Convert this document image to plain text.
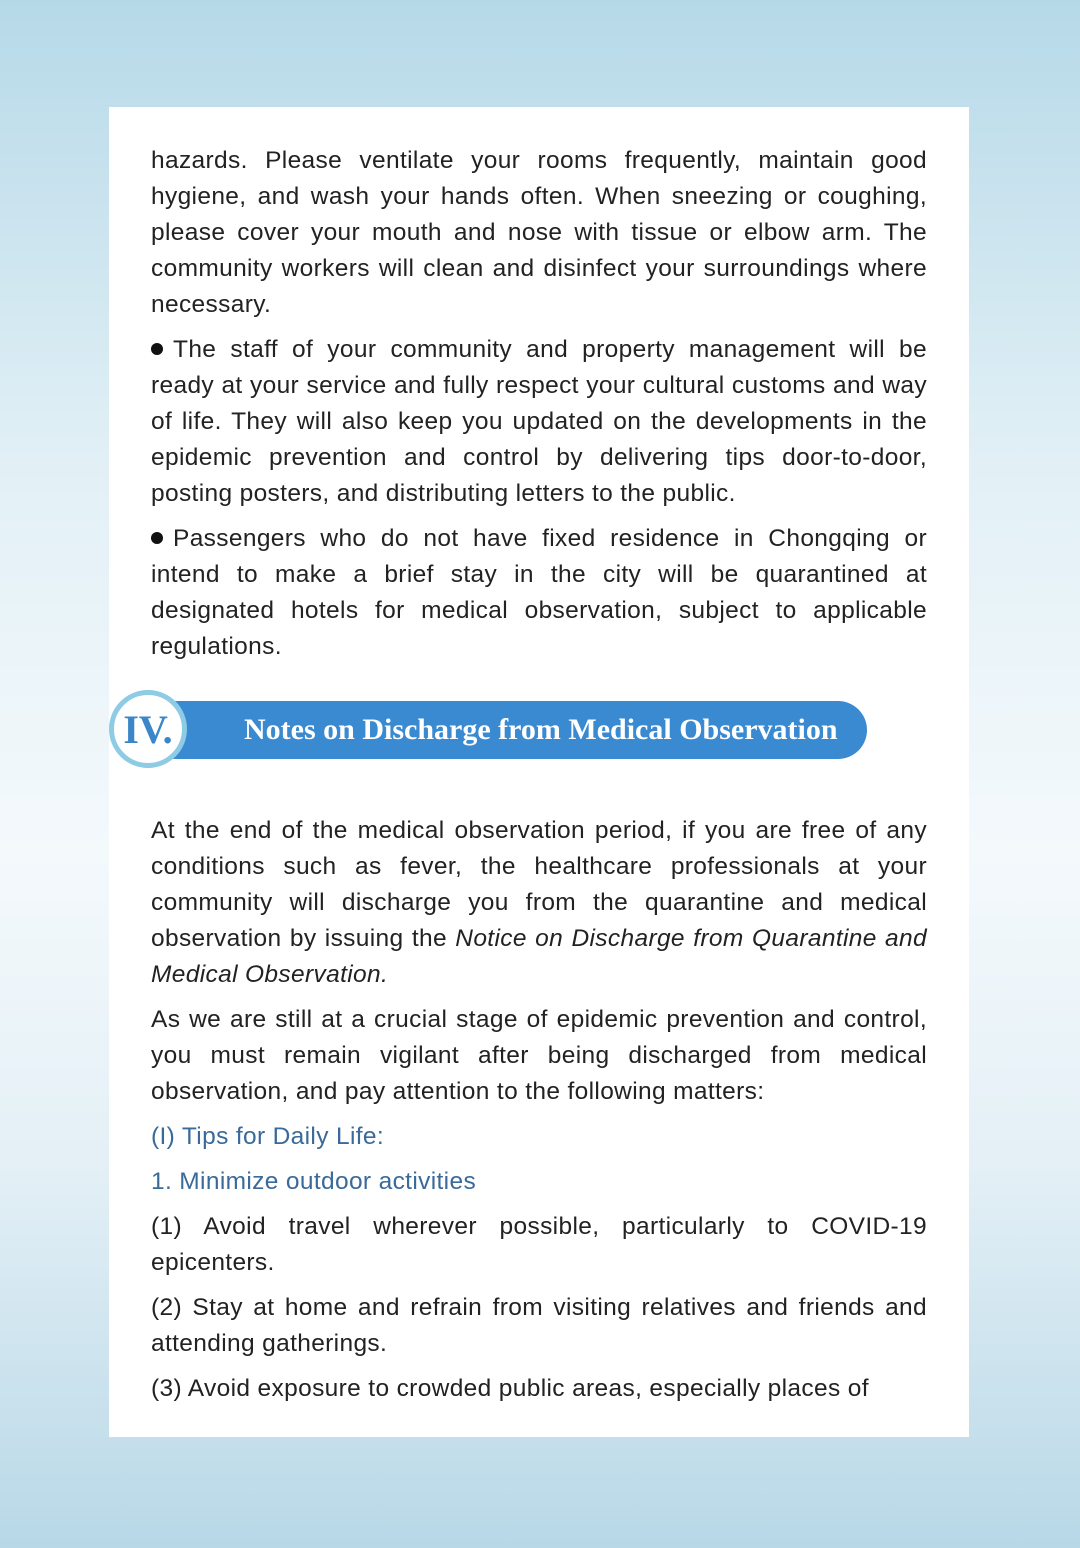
hazards. Please ventilate your rooms frequently, maintain good hygiene, and wash your hands often. When sneezing or coughing, please cover your mouth and nose with tissue or elbow arm. The community workers will clean and disinfect your surroundings where necessary.

The staff of your community and property management will be ready at your service and fully respect your cultural customs and way of life. They will also keep you updated on the developments in the epidemic prevention and control by delivering tips door-to-door, posting posters, and distributing letters to the public.

Passengers who do not have fixed residence in Chongqing or intend to make a brief stay in the city will be quarantined at designated hotels for medical observation, subject to applicable regulations.

Notes on Discharge from Medical Observation
IV.

At the end of the medical observation period, if you are free of any conditions such as fever, the healthcare professionals at your community will discharge you from the quarantine and medical observation by issuing the Notice on Discharge from Quarantine and Medical Observation.

As we are still at a crucial stage of epidemic prevention and control, you must remain vigilant after being discharged from medical observation, and pay attention to the following matters:

(I) Tips for Daily Life:

1. Minimize outdoor activities

(1) Avoid travel wherever possible, particularly to COVID-19 epicenters.

(2) Stay at home and refrain from visiting relatives and friends and attending gatherings.

(3) Avoid exposure to crowded public areas, especially places of
